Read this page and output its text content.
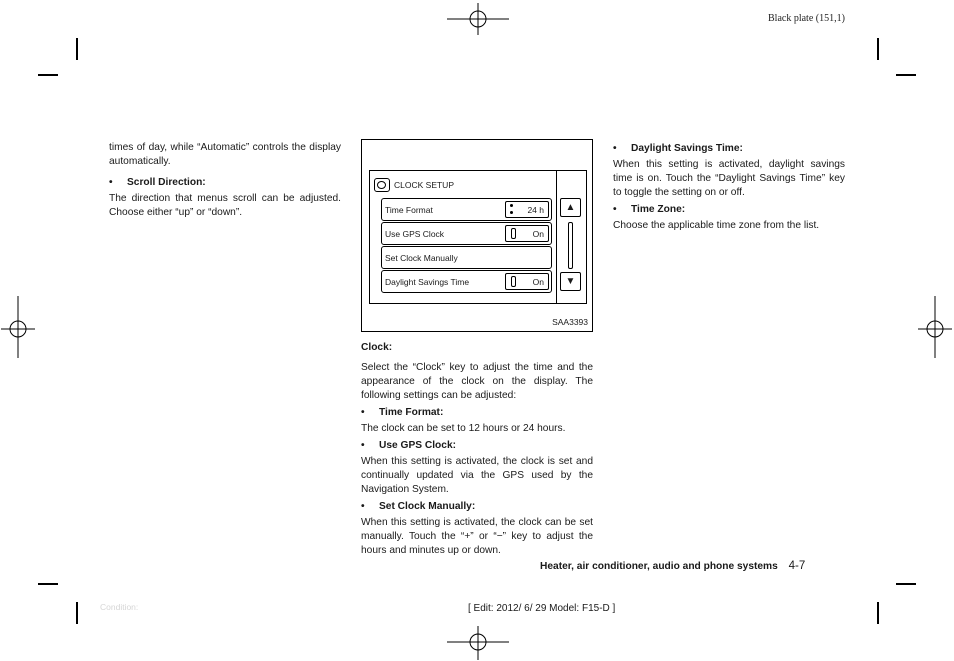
Black plate (151,1)

times of day, while “Automatic” controls the display automatically.

•	Scroll Direction:

The direction that menus scroll can be adjusted. Choose either “up” or “down”.

CLOCK SETUP
Time Format	24 h
Use GPS Clock	On
Set Clock Manually
Daylight Savings Time	On
▲
▼
SAA3393
Clock:

Select the “Clock” key to adjust the time and the appearance of the clock on the display. The following settings can be adjusted:

•	Time Format:

The clock can be set to 12 hours or 24 hours.

•	Use GPS Clock:

When this setting is activated, the clock is set and continually updated via the GPS used by the Navigation System.

•	Set Clock Manually:

When this setting is activated, the clock can be set manually. Touch the “+” or “−” key to adjust the hours and minutes up or down.

•	Daylight Savings Time:

When this setting is activated, daylight savings time is on. Touch the “Daylight Savings Time” key to toggle the setting on or off.

•	Time Zone:

Choose the applicable time zone from the list.

Heater, air conditioner, audio and phone systems 4-7
Condition:	[ Edit: 2012/ 6/ 29 Model: F15-D ]
